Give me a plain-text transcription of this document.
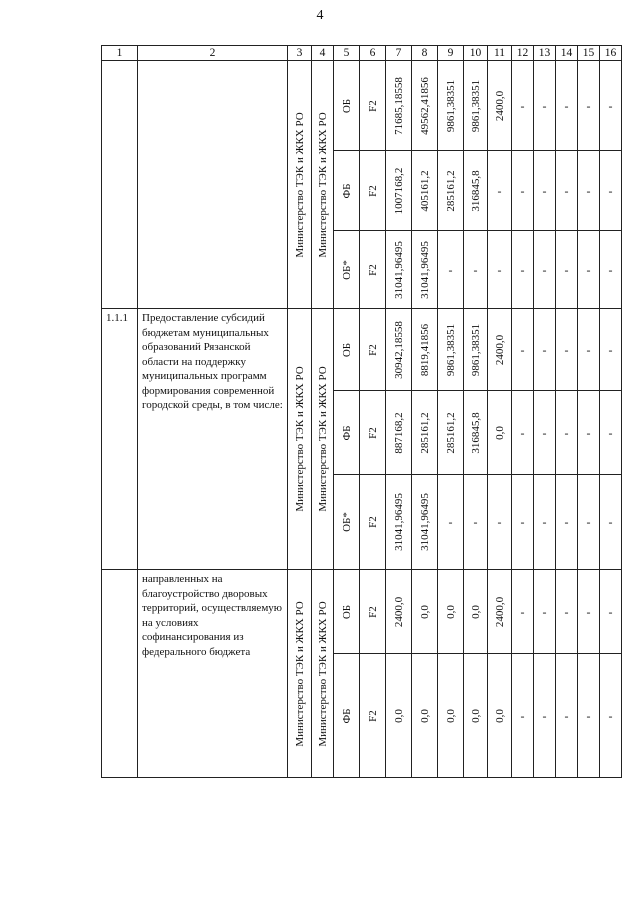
4
1	2	3	4	5	6	7	8	9	10	11	12	13	14	15	16

		Министерство ТЭК и ЖКХ РО	Министерство ТЭК и ЖКХ РО	ОБ	F2	71685,18558	49562,41856	9861,38351	9861,38351	2400,0	-	-	-	-	-

				ФБ	F2	1007168,2	405161,2	285161,2	316845,8	-	-	-	-	-	-

				ОБ*	F2	31041,96495	31041,96495	-	-	-	-	-	-	-	-

1.1.1	Предоставление субсидий бюджетам муниципальных образований Рязанской области на поддержку муниципальных программ формирования современной городской среды, в том числе:	Министерство ТЭК и ЖКХ РО	Министерство ТЭК и ЖКХ РО	ОБ	F2	30942,18558	8819,41856	9861,38351	9861,38351	2400,0	-	-	-	-	-

				ФБ	F2	887168,2	285161,2	285161,2	316845,8	0,0	-	-	-	-	-

				ОБ*	F2	31041,96495	31041,96495	-	-	-	-	-	-	-	-

	направленных на благоустройство дворовых территорий, осуществляемую на условиях софинансирования из федерального бюджета	Министерство ТЭК и ЖКХ РО	Министерство ТЭК и ЖКХ РО	ОБ	F2	2400,0	0,0	0,0	0,0	2400,0	-	-	-	-	-

				ФБ	F2	0,0	0,0	0,0	0,0	0,0	-	-	-	-	-
